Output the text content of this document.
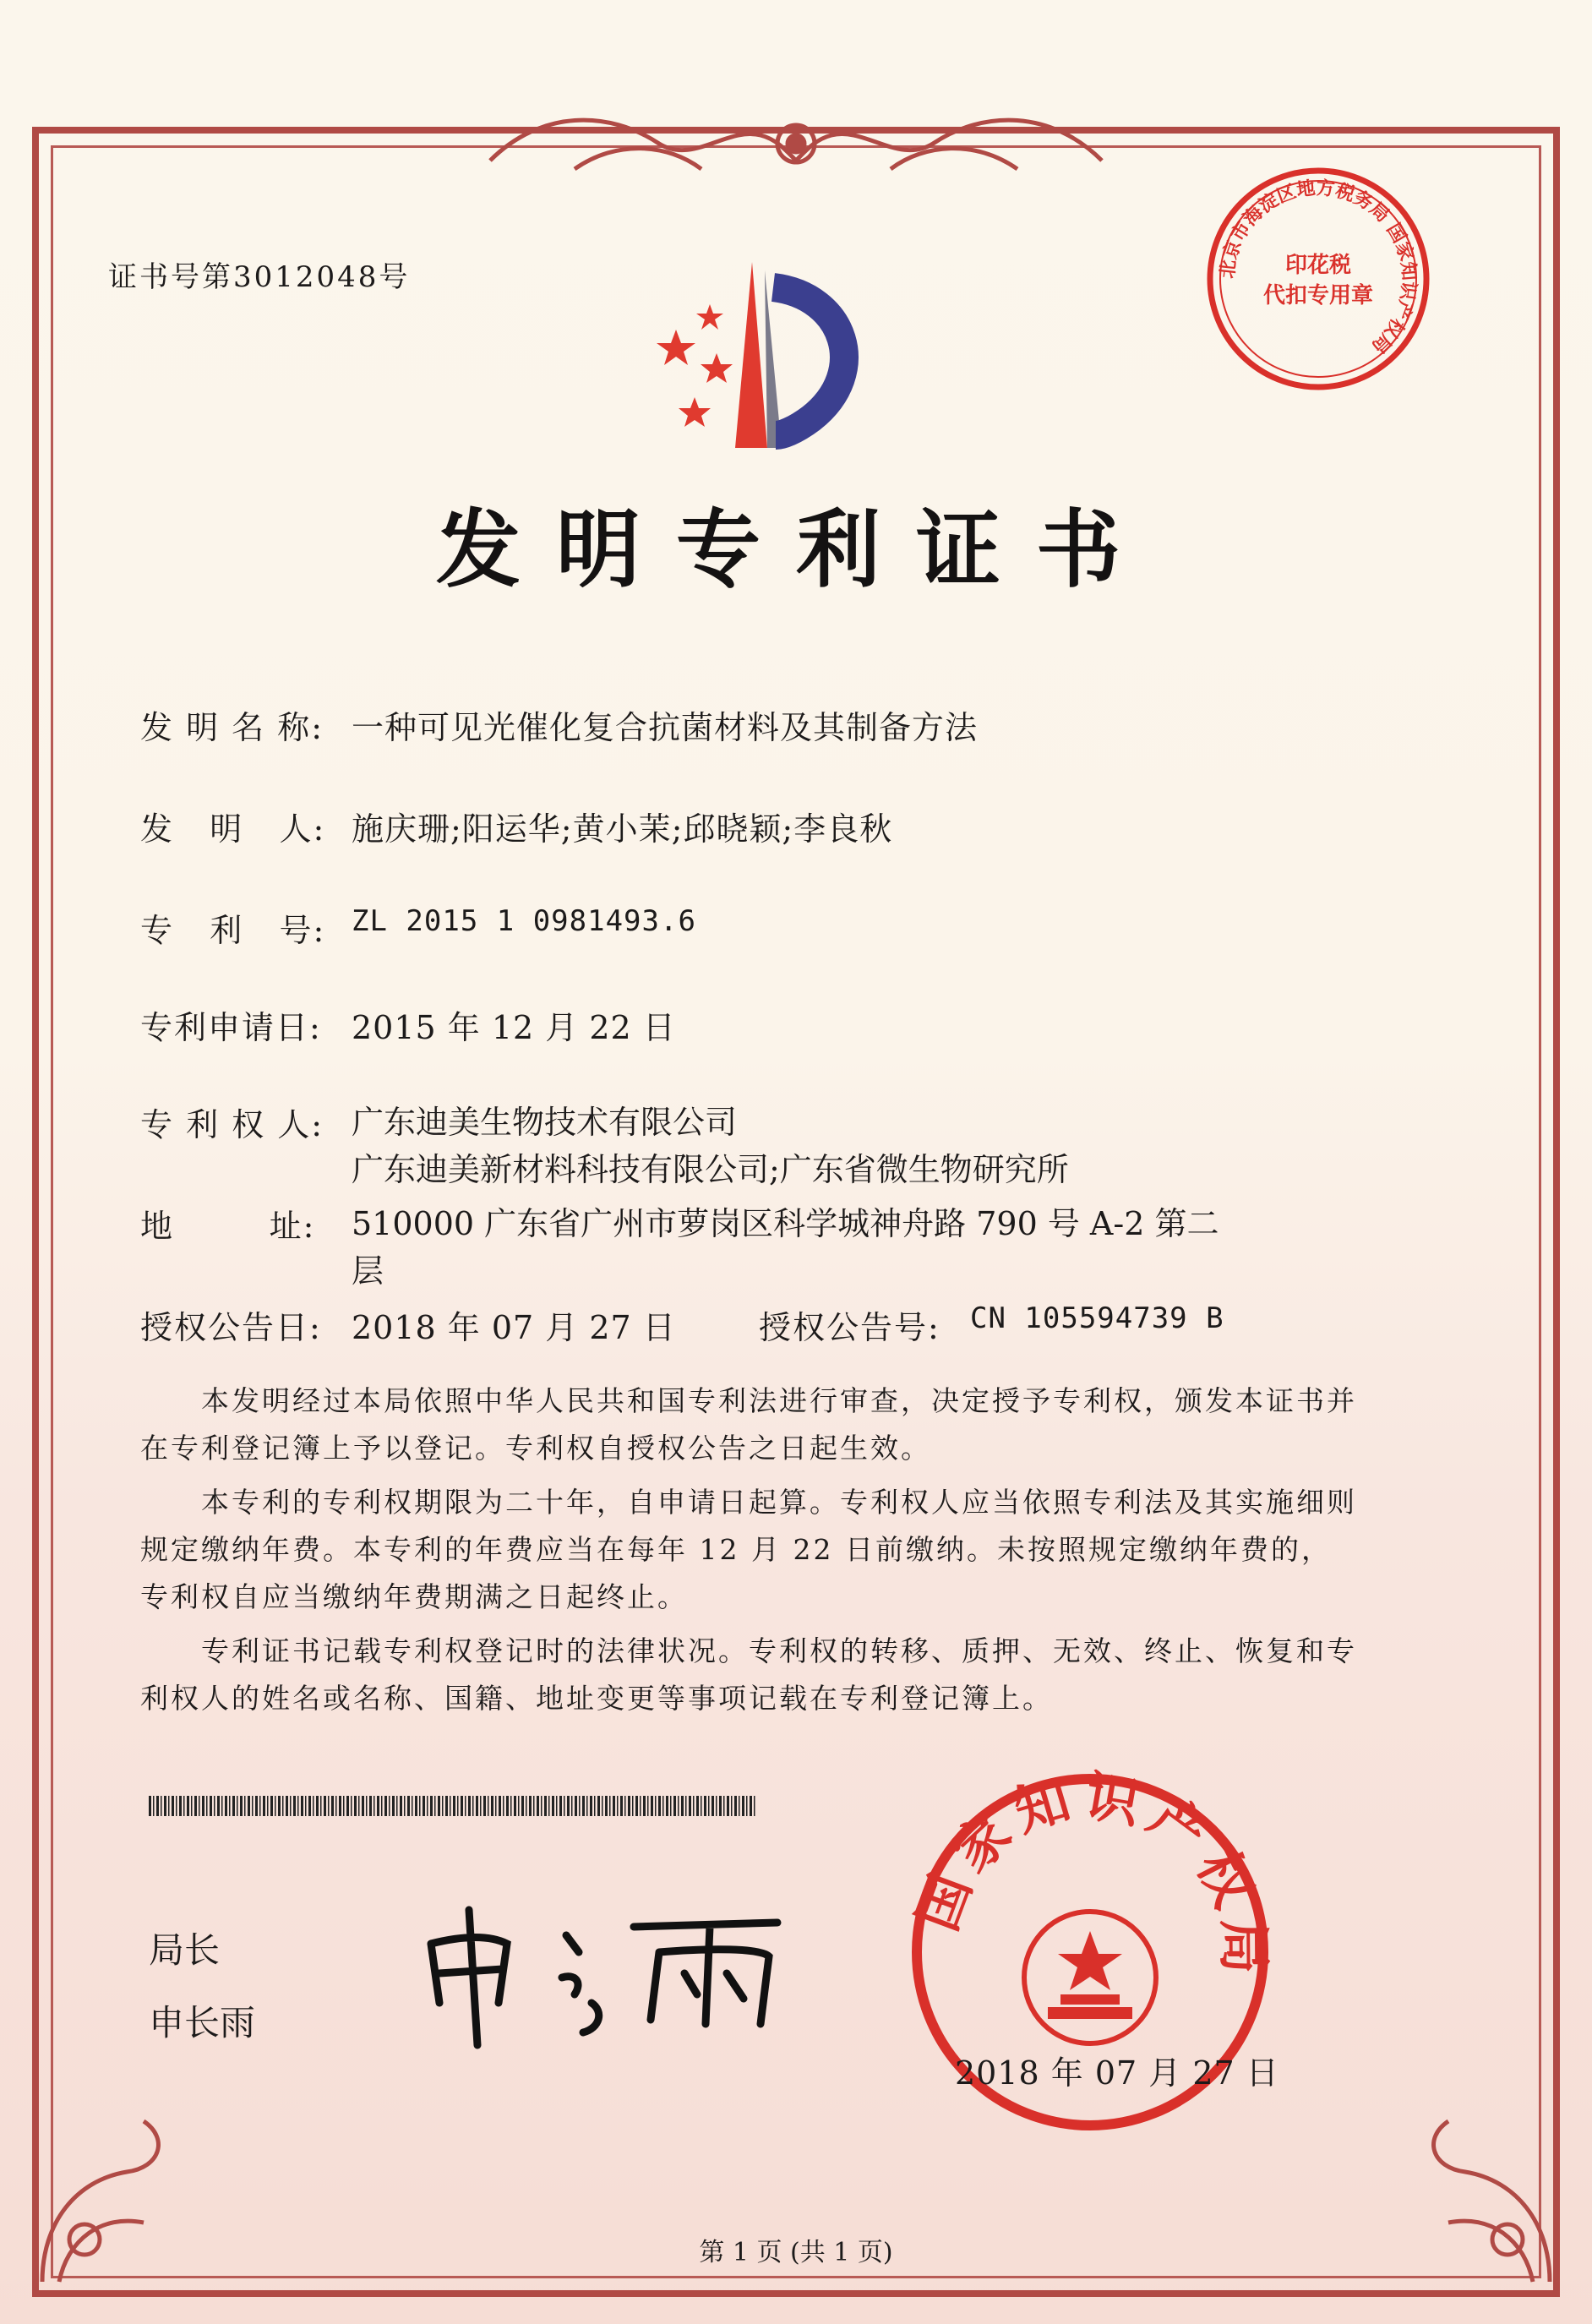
证书号第3012048号	北京市海淀区地方税务局 国家知识产权局
印花税
代扣专用章
发明专利证书
发 明 名 称: 一种可见光催化复合抗菌材料及其制备方法
发   明   人: 施庆珊;阳运华;黄小茉;邱晓颖;李良秋
专   利   号: ZL 2015 1 0981493.6
专利申请日: 2015 年 12 月 22 日
专 利 权 人: 广东迪美生物技术有限公司
广东迪美新材料科技有限公司;广东省微生物研究所
地        址: 510000 广东省广州市萝岗区科学城神舟路 790 号 A-2 第二
层
授权公告日: 2018 年 07 月 27 日	授权公告号: CN 105594739 B

本发明经过本局依照中华人民共和国专利法进行审查，决定授予专利权，颁发本证书并在专利登记簿上予以登记。专利权自授权公告之日起生效。

本专利的专利权期限为二十年，自申请日起算。专利权人应当依照专利法及其实施细则规定缴纳年费。本专利的年费应当在每年 12 月 22 日前缴纳。未按照规定缴纳年费的，专利权自应当缴纳年费期满之日起终止。

专利证书记载专利权登记时的法律状况。专利权的转移、质押、无效、终止、恢复和专利权人的姓名或名称、国籍、地址变更等事项记载在专利登记簿上。

局长
申长雨
国家知识产权局
2018 年 07 月 27 日
第 1 页 (共 1 页)
